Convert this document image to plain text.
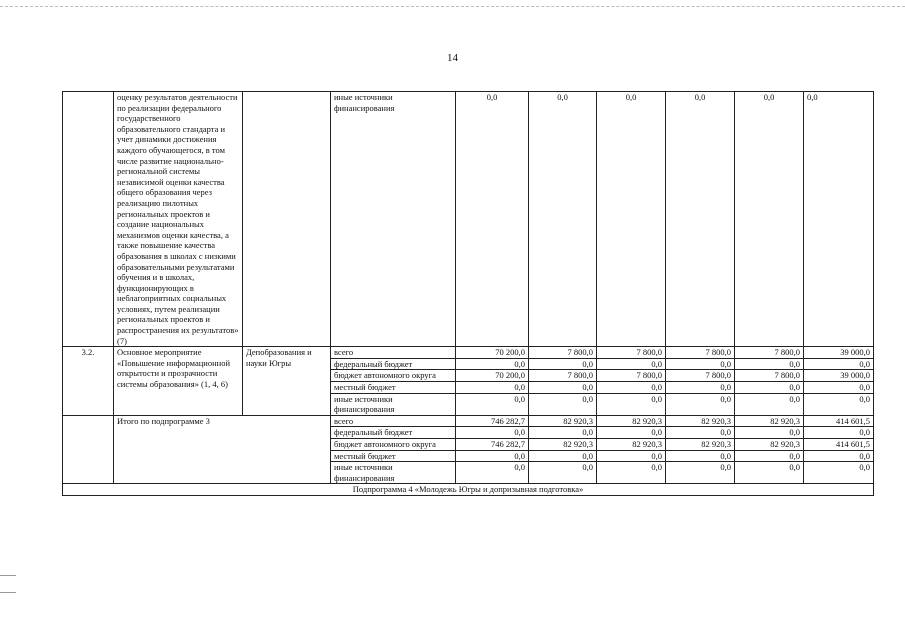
14
	оценку результатов деятельности по реализации федерального государственного образовательного стандарта и учет динамики достижения каждого обучающегося, в том числе развитие национально-региональной системы независимой оценки качества общего образования через реализацию пилотных региональных проектов и создание национальных механизмов оценки качества, а также повышение качества образования в школах с низкими образовательными результатами обучения и в школах, функционирующих в неблагоприятных социальных условиях, путем реализации региональных проектов и распространения их результатов» (7)		иные источники финансирования	0,0	0,0	0,0	0,0	0,0	0,0
3.2.	Основное мероприятие «Повышение информационной открытости и прозрачности системы образования» (1, 4, 6)	Депобразования и науки Югры	всего	70 200,0	7 800,0	7 800,0	7 800,0	7 800,0	39 000,0
			федеральный бюджет	0,0	0,0	0,0	0,0	0,0	0,0
			бюджет автономного округа	70 200,0	7 800,0	7 800,0	7 800,0	7 800,0	39 000,0
			местный бюджет	0,0	0,0	0,0	0,0	0,0	0,0
			иные источники финансирования	0,0	0,0	0,0	0,0	0,0	0,0
	Итого по подпрограмме 3		всего	746 282,7	82 920,3	82 920,3	82 920,3	82 920,3	414 601,5
			федеральный бюджет	0,0	0,0	0,0	0,0	0,0	0,0
			бюджет автономного округа	746 282,7	82 920,3	82 920,3	82 920,3	82 920,3	414 601,5
			местный бюджет	0,0	0,0	0,0	0,0	0,0	0,0
			иные источники финансирования	0,0	0,0	0,0	0,0	0,0	0,0
Подпрограмма 4 «Молодежь Югры и допризывная подготовка»									
